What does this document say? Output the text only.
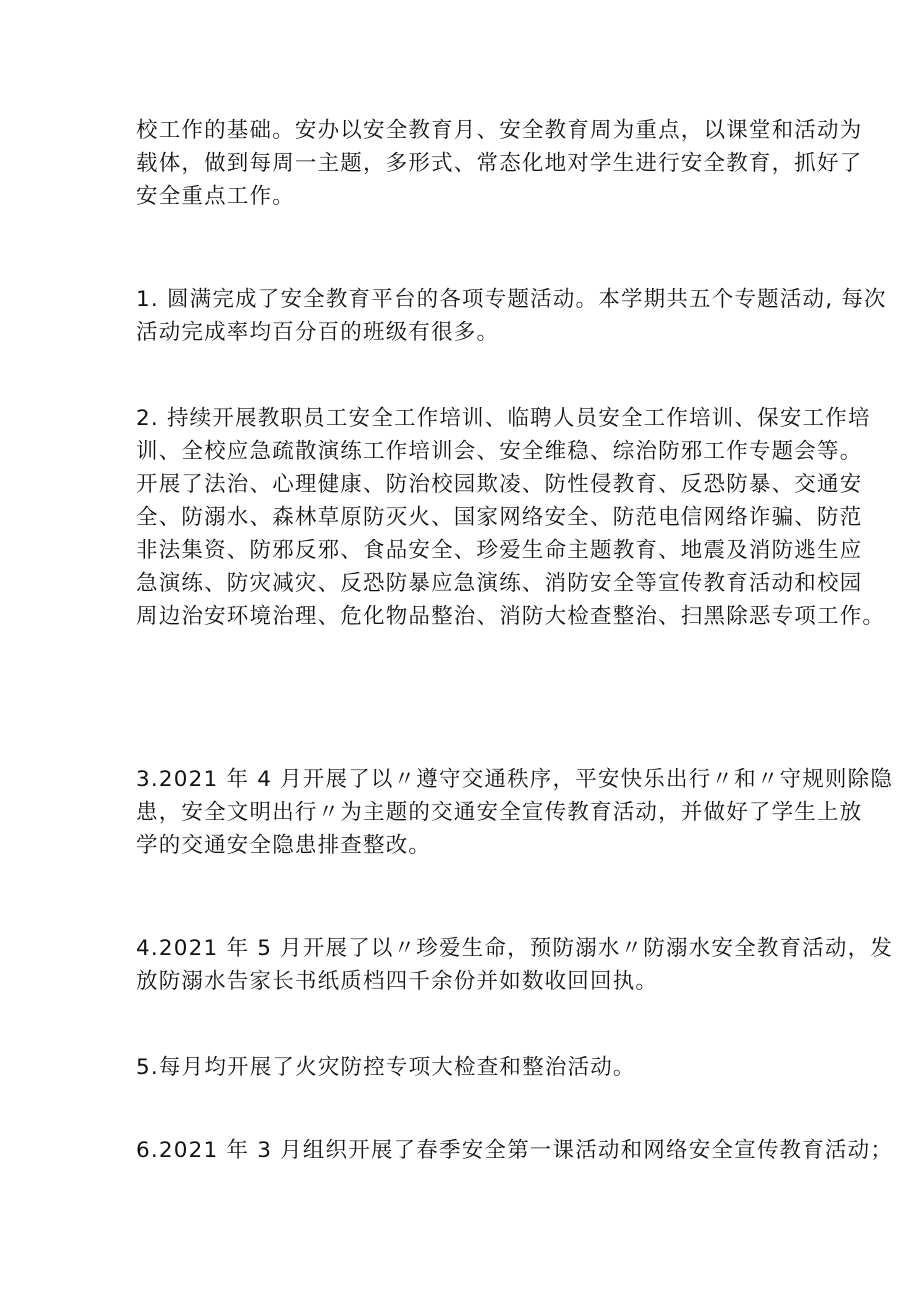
校工作的基础。安办以安全教育月、安全教育周为重点，以课堂和活动为
载体，做到每周一主题，多形式、常态化地对学生进行安全教育，抓好了
安全重点工作。

1. 圆满完成了安全教育平台的各项专题活动。本学期共五个专题活动, 每次
活动完成率均百分百的班级有很多。

2. 持续开展教职员工安全工作培训、临聘人员安全工作培训、保安工作培
训、全校应急疏散演练工作培训会、安全维稳、综治防邪工作专题会等。
开展了法治、心理健康、防治校园欺凌、防性侵教育、反恐防暴、交通安
全、防溺水、森林草原防灭火、国家网络安全、防范电信网络诈骗、防范
非法集资、防邪反邪、食品安全、珍爱生命主题教育、地震及消防逃生应
急演练、防灾减灾、反恐防暴应急演练、消防安全等宣传教育活动和校园
周边治安环境治理、危化物品整治、消防大检查整治、扫黑除恶专项工作。

3.2021 年 4 月开展了以〃遵守交通秩序，平安快乐出行〃和〃守规则除隐
患，安全文明出行〃为主题的交通安全宣传教育活动，并做好了学生上放
学的交通安全隐患排查整改。

4.2021 年 5 月开展了以〃珍爱生命，预防溺水〃防溺水安全教育活动，发
放防溺水告家长书纸质档四千余份并如数收回回执。

5.每月均开展了火灾防控专项大检查和整治活动。

6.2021 年 3 月组织开展了春季安全第一课活动和网络安全宣传教育活动；
